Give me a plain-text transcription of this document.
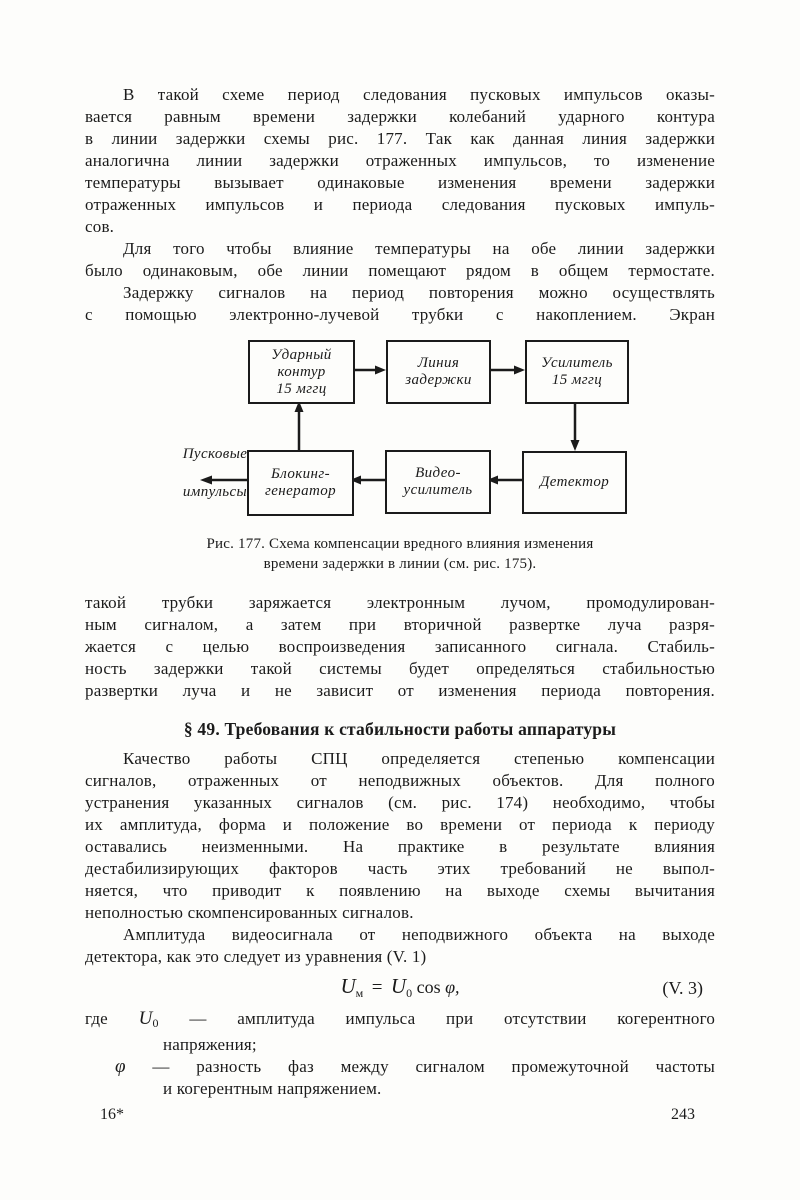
В такой схеме период следования пусковых импульсов оказы-
вается равным времени задержки колебаний ударного контура
в линии задержки схемы рис. 177. Так как данная линия задержки
аналогична линии задержки отраженных импульсов, то изменение
температуры вызывает одинаковые изменения времени задержки
отраженных импульсов и периода следования пусковых импуль-
сов.
Для того чтобы влияние температуры на обе линии задержки
было одинаковым, обе линии помещают рядом в общем термостате.
Задержку сигналов на период повторения можно осуществлять
с помощью электронно-лучевой трубки с накоплением. Экран
Ударный
контур
15 мггц
Линия
задержки
Усилитель
15 мггц
Блокинг-
генератор
Видео-
усилитель	Детектор
Пусковые
импульсы
Рис. 177. Схема компенсации вредного влияния изменения
времени задержки в линии (см. рис. 175).
такой трубки заряжается электронным лучом, промодулирован-
ным сигналом, а затем при вторичной развертке луча разря-
жается с целью воспроизведения записанного сигнала. Стабиль-
ность задержки такой системы будет определяться стабильностью
развертки луча и не зависит от изменения периода повторения.
§ 49. Требования к стабильности работы аппаратуры
Качество работы СПЦ определяется степенью компенсации
сигналов, отраженных от неподвижных объектов. Для полного
устранения указанных сигналов (см. рис. 174) необходимо, чтобы
их амплитуда, форма и положение во времени от периода к периоду
оставались неизменными. На практике в результате влияния
дестабилизирующих факторов часть этих требований не выпол-
няется, что приводит к появлению на выходе схемы вычитания
неполностью скомпенсированных сигналов.
Амплитуда видеосигнала от неподвижного объекта на выходе
детектора, как это следует из уравнения (V. 1)
$U_м = U_0$ cos φ,	(V. 3)
где U0 — амплитуда импульса при отсутствии когерентного
напряжения;
φ — разность фаз между сигналом промежуточной частоты
и когерентным напряжением.
16*	243
